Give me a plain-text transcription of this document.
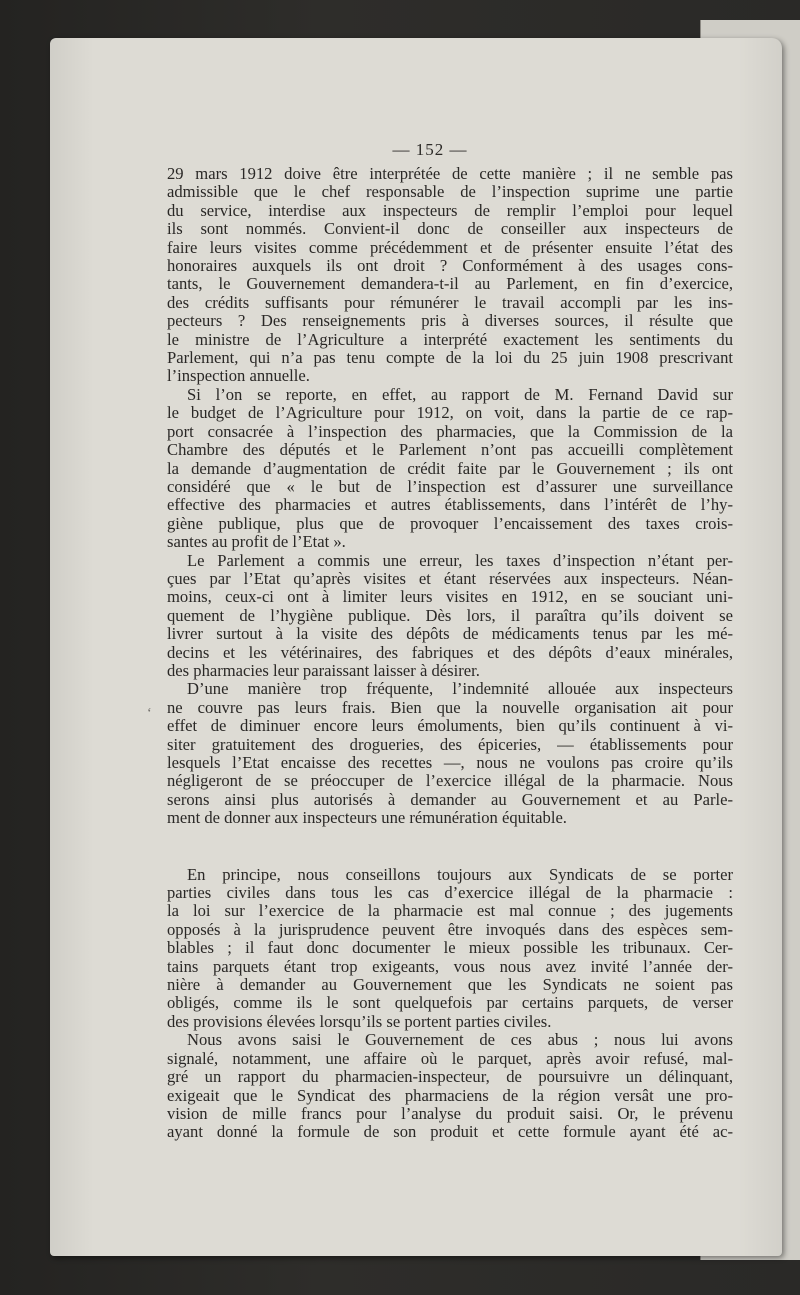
— 152 —
‘
29 mars 1912 doive être interprétée de cette manière ; il ne semble pas
admissible que le chef responsable de l’inspection suprime une partie
du service, interdise aux inspecteurs de remplir l’emploi pour lequel
ils sont nommés. Convient-il donc de conseiller aux inspecteurs de
faire leurs visites comme précédemment et de présenter ensuite l’état des
honoraires auxquels ils ont droit ? Conformément à des usages cons-
tants, le Gouvernement demandera-t-il au Parlement, en fin d’exercice,
des crédits suffisants pour rémunérer le travail accompli par les ins-
pecteurs ? Des renseignements pris à diverses sources, il résulte que
le ministre de l’Agriculture a interprété exactement les sentiments du
Parlement, qui n’a pas tenu compte de la loi du 25 juin 1908 prescrivant
l’inspection annuelle.
Si l’on se reporte, en effet, au rapport de M. Fernand David sur
le budget de l’Agriculture pour 1912, on voit, dans la partie de ce rap-
port consacrée à l’inspection des pharmacies, que la Commission de la
Chambre des députés et le Parlement n’ont pas accueilli complètement
la demande d’augmentation de crédit faite par le Gouvernement ; ils ont
considéré que « le but de l’inspection est d’assurer une surveillance
effective des pharmacies et autres établissements, dans l’intérêt de l’hy-
giène publique, plus que de provoquer l’encaissement des taxes crois-
santes au profit de l’Etat ».
Le Parlement a commis une erreur, les taxes d’inspection n’étant per-
çues par l’Etat qu’après visites et étant réservées aux inspecteurs. Néan-
moins, ceux-ci ont à limiter leurs visites en 1912, en se souciant uni-
quement de l’hygiène publique. Dès lors, il paraîtra qu’ils doivent se
livrer surtout à la visite des dépôts de médicaments tenus par les mé-
decins et les vétérinaires, des fabriques et des dépôts d’eaux minérales,
des pharmacies leur paraissant laisser à désirer.
D’une manière trop fréquente, l’indemnité allouée aux inspecteurs
ne couvre pas leurs frais. Bien que la nouvelle organisation ait pour
effet de diminuer encore leurs émoluments, bien qu’ils continuent à vi-
siter gratuitement des drogueries, des épiceries, — établissements pour
lesquels l’Etat encaisse des recettes —, nous ne voulons pas croire qu’ils
négligeront de se préoccuper de l’exercice illégal de la pharmacie. Nous
serons ainsi plus autorisés à demander au Gouvernement et au Parle-
ment de donner aux inspecteurs une rémunération équitable.
En principe, nous conseillons toujours aux Syndicats de se porter
parties civiles dans tous les cas d’exercice illégal de la pharmacie :
la loi sur l’exercice de la pharmacie est mal connue ; des jugements
opposés à la jurisprudence peuvent être invoqués dans des espèces sem-
blables ; il faut donc documenter le mieux possible les tribunaux. Cer-
tains parquets étant trop exigeants, vous nous avez invité l’année der-
nière à demander au Gouvernement que les Syndicats ne soient pas
obligés, comme ils le sont quelquefois par certains parquets, de verser
des provisions élevées lorsqu’ils se portent parties civiles.
Nous avons saisi le Gouvernement de ces abus ; nous lui avons
signalé, notamment, une affaire où le parquet, après avoir refusé, mal-
gré un rapport du pharmacien-inspecteur, de poursuivre un délinquant,
exigeait que le Syndicat des pharmaciens de la région versât une pro-
vision de mille francs pour l’analyse du produit saisi. Or, le prévenu
ayant donné la formule de son produit et cette formule ayant été ac-
